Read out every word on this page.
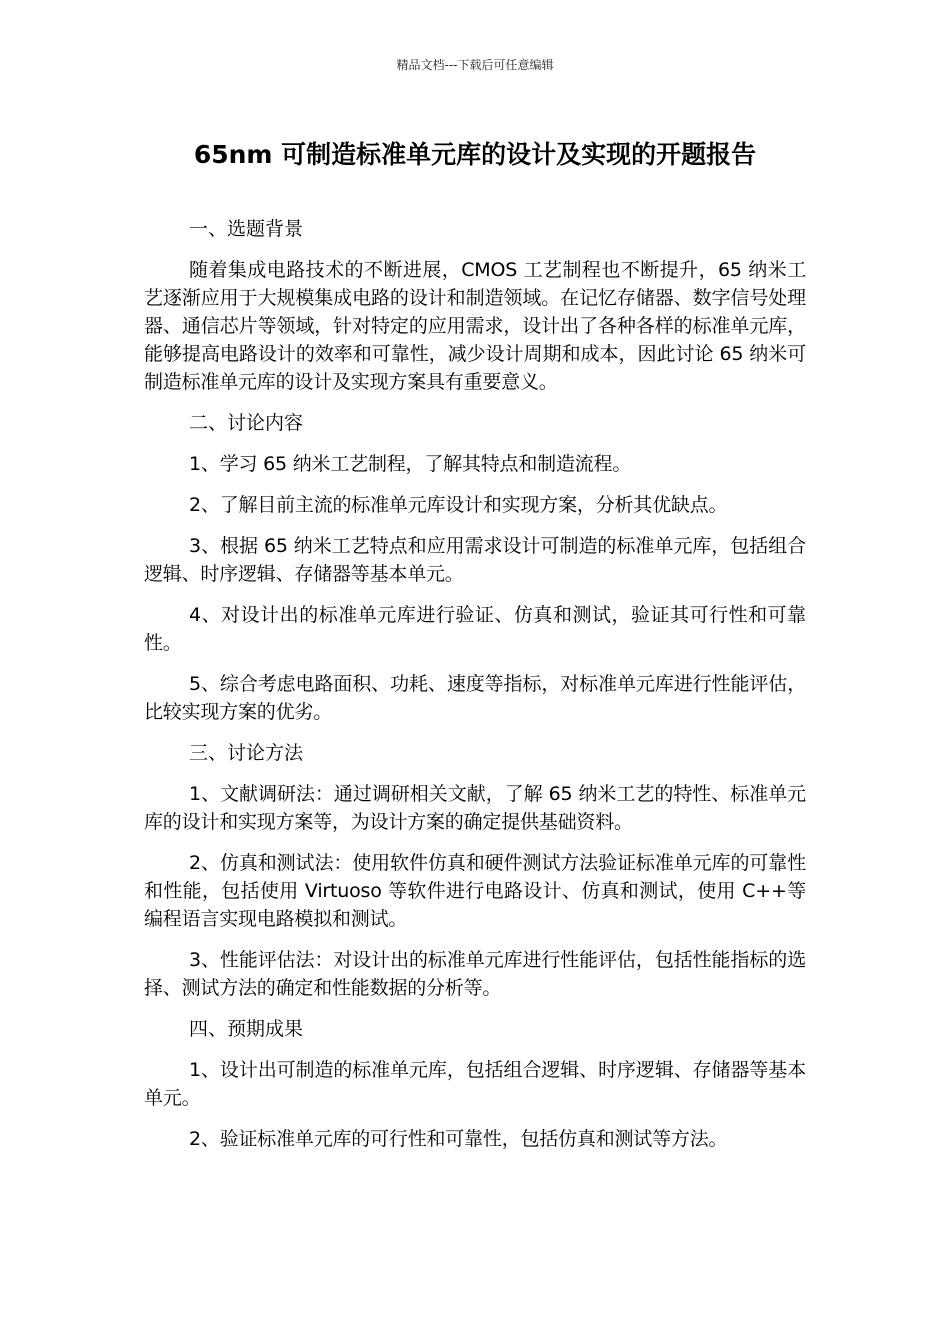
精品文档---下载后可任意编辑
65nm 可制造标准单元库的设计及实现的开题报告

一、选题背景

随着集成电路技术的不断进展，CMOS 工艺制程也不断提升，65 纳米工艺逐渐应用于大规模集成电路的设计和制造领域。在记忆存储器、数字信号处理器、通信芯片等领域，针对特定的应用需求，设计出了各种各样的标准单元库，能够提高电路设计的效率和可靠性，减少设计周期和成本，因此讨论 65 纳米可制造标准单元库的设计及实现方案具有重要意义。

二、讨论内容

1、学习 65 纳米工艺制程，了解其特点和制造流程。

2、了解目前主流的标准单元库设计和实现方案，分析其优缺点。

3、根据 65 纳米工艺特点和应用需求设计可制造的标准单元库，包括组合逻辑、时序逻辑、存储器等基本单元。

4、对设计出的标准单元库进行验证、仿真和测试，验证其可行性和可靠性。

5、综合考虑电路面积、功耗、速度等指标，对标准单元库进行性能评估，比较实现方案的优劣。

三、讨论方法

1、文献调研法：通过调研相关文献，了解 65 纳米工艺的特性、标准单元库的设计和实现方案等，为设计方案的确定提供基础资料。

2、仿真和测试法：使用软件仿真和硬件测试方法验证标准单元库的可靠性和性能，包括使用 Virtuoso 等软件进行电路设计、仿真和测试，使用 C++等编程语言实现电路模拟和测试。

3、性能评估法：对设计出的标准单元库进行性能评估，包括性能指标的选择、测试方法的确定和性能数据的分析等。

四、预期成果

1、设计出可制造的标准单元库，包括组合逻辑、时序逻辑、存储器等基本单元。

2、验证标准单元库的可行性和可靠性，包括仿真和测试等方法。
